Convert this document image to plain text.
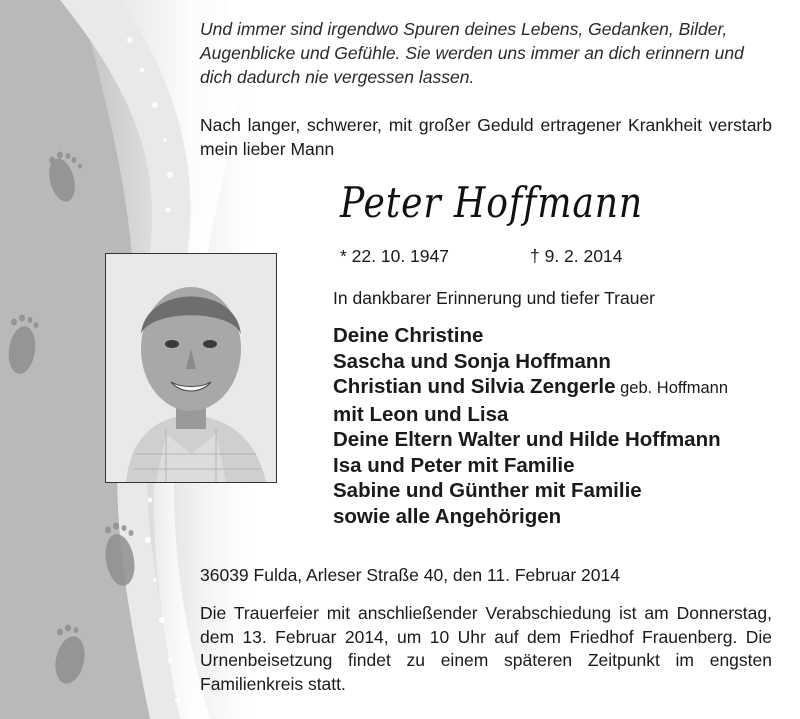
Und immer sind irgendwo Spuren deines Lebens, Gedanken, Bilder, Augenblicke und Gefühle. Sie werden uns immer an dich erinnern und dich dadurch nie vergessen lassen.
Nach langer, schwerer, mit großer Geduld ertragener Krankheit verstarb mein lieber Mann
Peter Hoffmann
* 22. 10. 1947	† 9. 2. 2014
In dankbarer Erinnerung und tiefer Trauer
Deine Christine
Sascha und Sonja Hoffmann
Christian und Silvia Zengerle geb. Hoffmann
mit Leon und Lisa
Deine Eltern Walter und Hilde Hoffmann
Isa und Peter mit Familie
Sabine und Günther mit Familie
sowie alle Angehörigen
36039 Fulda, Arleser Straße 40, den 11. Februar 2014
Die Trauerfeier mit anschließender Verabschiedung ist am Donnerstag, dem 13. Februar 2014, um 10 Uhr auf dem Friedhof Frauenberg. Die Urnenbeisetzung findet zu einem späteren Zeitpunkt im engsten Familienkreis statt.
